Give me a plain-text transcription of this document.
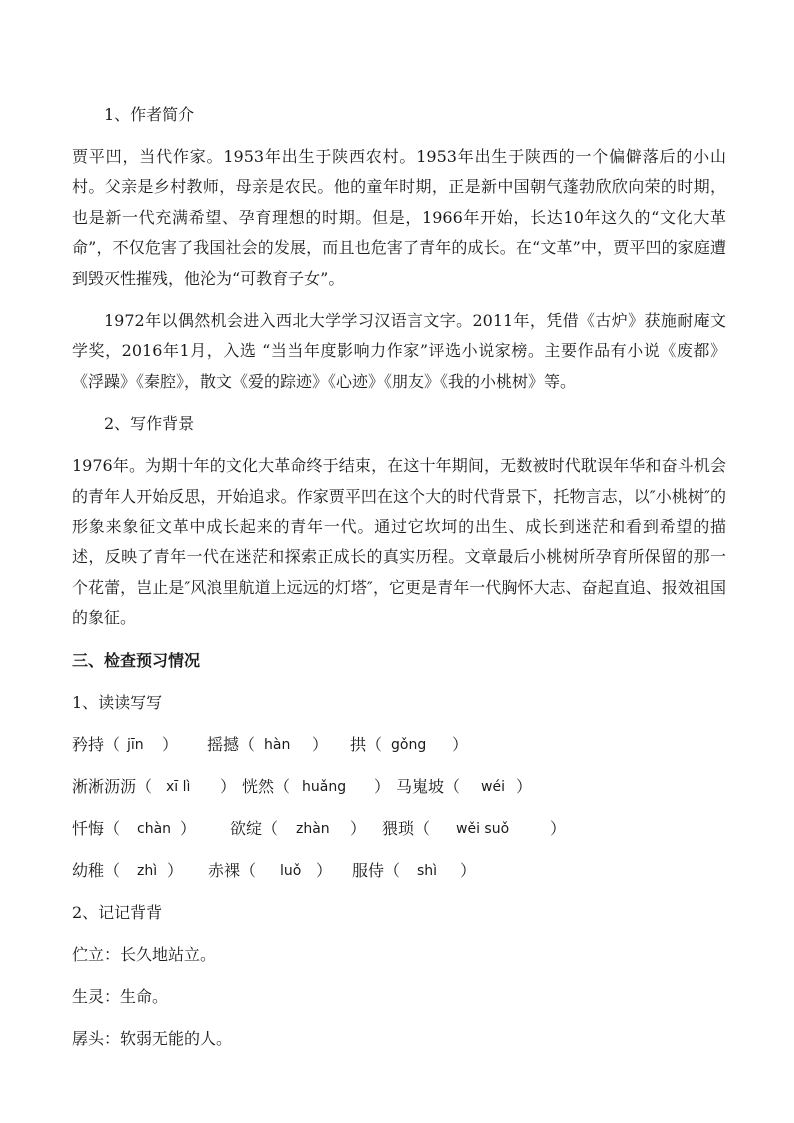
1、作者简介

贾平凹，当代作家。1953年出生于陕西农村。1953年出生于陕西的一个偏僻落后的小山村。父亲是乡村教师，母亲是农民。他的童年时期，正是新中国朝气蓬勃欣欣向荣的时期，也是新一代充满希望、孕育理想的时期。但是，1966年开始，长达10年这久的“文化大革命”，不仅危害了我国社会的发展，而且也危害了青年的成长。在“文革”中，贾平凹的家庭遭到毁灭性摧残，他沦为“可教育子女”。

1972年以偶然机会进入西北大学学习汉语言文字。2011年，凭借《古炉》获施耐庵文学奖，2016年1月，入选 “当当年度影响力作家”评选小说家榜。主要作品有小说《废都》《浮躁》《秦腔》，散文《爱的踪迹》《心迹》《朋友》《我的小桃树》等。

2、写作背景

1976年。为期十年的文化大革命终于结束，在这十年期间，无数被时代耽误年华和奋斗机会的青年人开始反思，开始追求。作家贾平凹在这个大的时代背景下，托物言志，以″小桃树″的形象来象征文革中成长起来的青年一代。通过它坎坷的出生、成长到迷茫和看到希望的描述，反映了青年一代在迷茫和探索正成长的真实历程。文章最后小桃树所孕育所保留的那一个花蕾，岂止是″风浪里航道上远远的灯塔″，它更是青年一代胸怀大志、奋起直追、报效祖国的象征。

三、检查预习情况
1、读读写写
矜持（ jīn ） 摇撼（ hàn ） 拱（ gǒng ）
淅淅沥沥（ xī lì ） 恍然（ huǎng ） 马嵬坡（ wéi ）
忏悔（ chàn ） 欲绽（ zhàn ） 猥琐（ wěi suǒ	）
幼稚（ zhì ） 赤裸（ luǒ ） 服侍（ shì ）
2、记记背背
伫立：长久地站立。
生灵：生命。
孱头：软弱无能的人。
